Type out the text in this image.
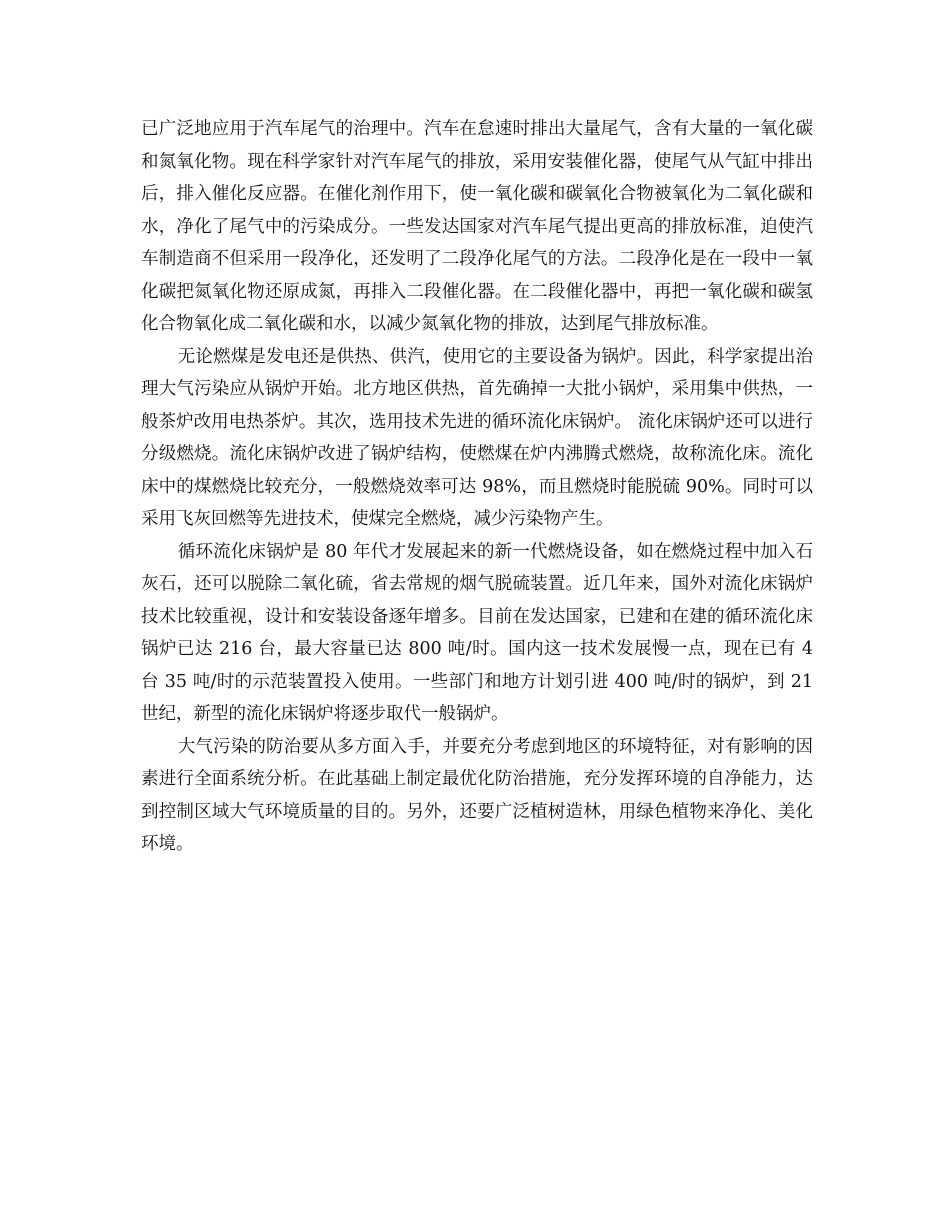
已广泛地应用于汽车尾气的治理中。汽车在怠速时排出大量尾气，含有大量的一氧化碳和氮氧化物。现在科学家针对汽车尾气的排放，采用安装催化器，使尾气从气缸中排出后，排入催化反应器。在催化剂作用下，使一氧化碳和碳氧化合物被氧化为二氧化碳和水，净化了尾气中的污染成分。一些发达国家对汽车尾气提出更高的排放标准，迫使汽车制造商不但采用一段净化，还发明了二段净化尾气的方法。二段净化是在一段中一氧化碳把氮氧化物还原成氮，再排入二段催化器。在二段催化器中，再把一氧化碳和碳氢化合物氧化成二氧化碳和水，以减少氮氧化物的排放，达到尾气排放标准。

无论燃煤是发电还是供热、供汽，使用它的主要设备为锅炉。因此，科学家提出治理大气污染应从锅炉开始。北方地区供热，首先确掉一大批小锅炉，采用集中供热，一般茶炉改用电热茶炉。其次，选用技术先进的循环流化床锅炉。 流化床锅炉还可以进行分级燃烧。流化床锅炉改进了锅炉结构，使燃煤在炉内沸腾式燃烧，故称流化床。流化床中的煤燃烧比较充分，一般燃烧效率可达 98%，而且燃烧时能脱硫 90%。同时可以采用飞灰回燃等先进技术，使煤完全燃烧，减少污染物产生。

循环流化床锅炉是 80 年代才发展起来的新一代燃烧设备，如在燃烧过程中加入石灰石，还可以脱除二氧化硫，省去常规的烟气脱硫装置。近几年来，国外对流化床锅炉技术比较重视，设计和安装设备逐年增多。目前在发达国家，已建和在建的循环流化床锅炉已达 216 台，最大容量已达 800 吨/时。国内这一技术发展慢一点，现在已有 4 台 35 吨/时的示范装置投入使用。一些部门和地方计划引进 400 吨/时的锅炉，到 21 世纪，新型的流化床锅炉将逐步取代一般锅炉。

大气污染的防治要从多方面入手，并要充分考虑到地区的环境特征，对有影响的因素进行全面系统分析。在此基础上制定最优化防治措施，充分发挥环境的自净能力，达到控制区域大气环境质量的目的。另外，还要广泛植树造林，用绿色植物来净化、美化环境。
